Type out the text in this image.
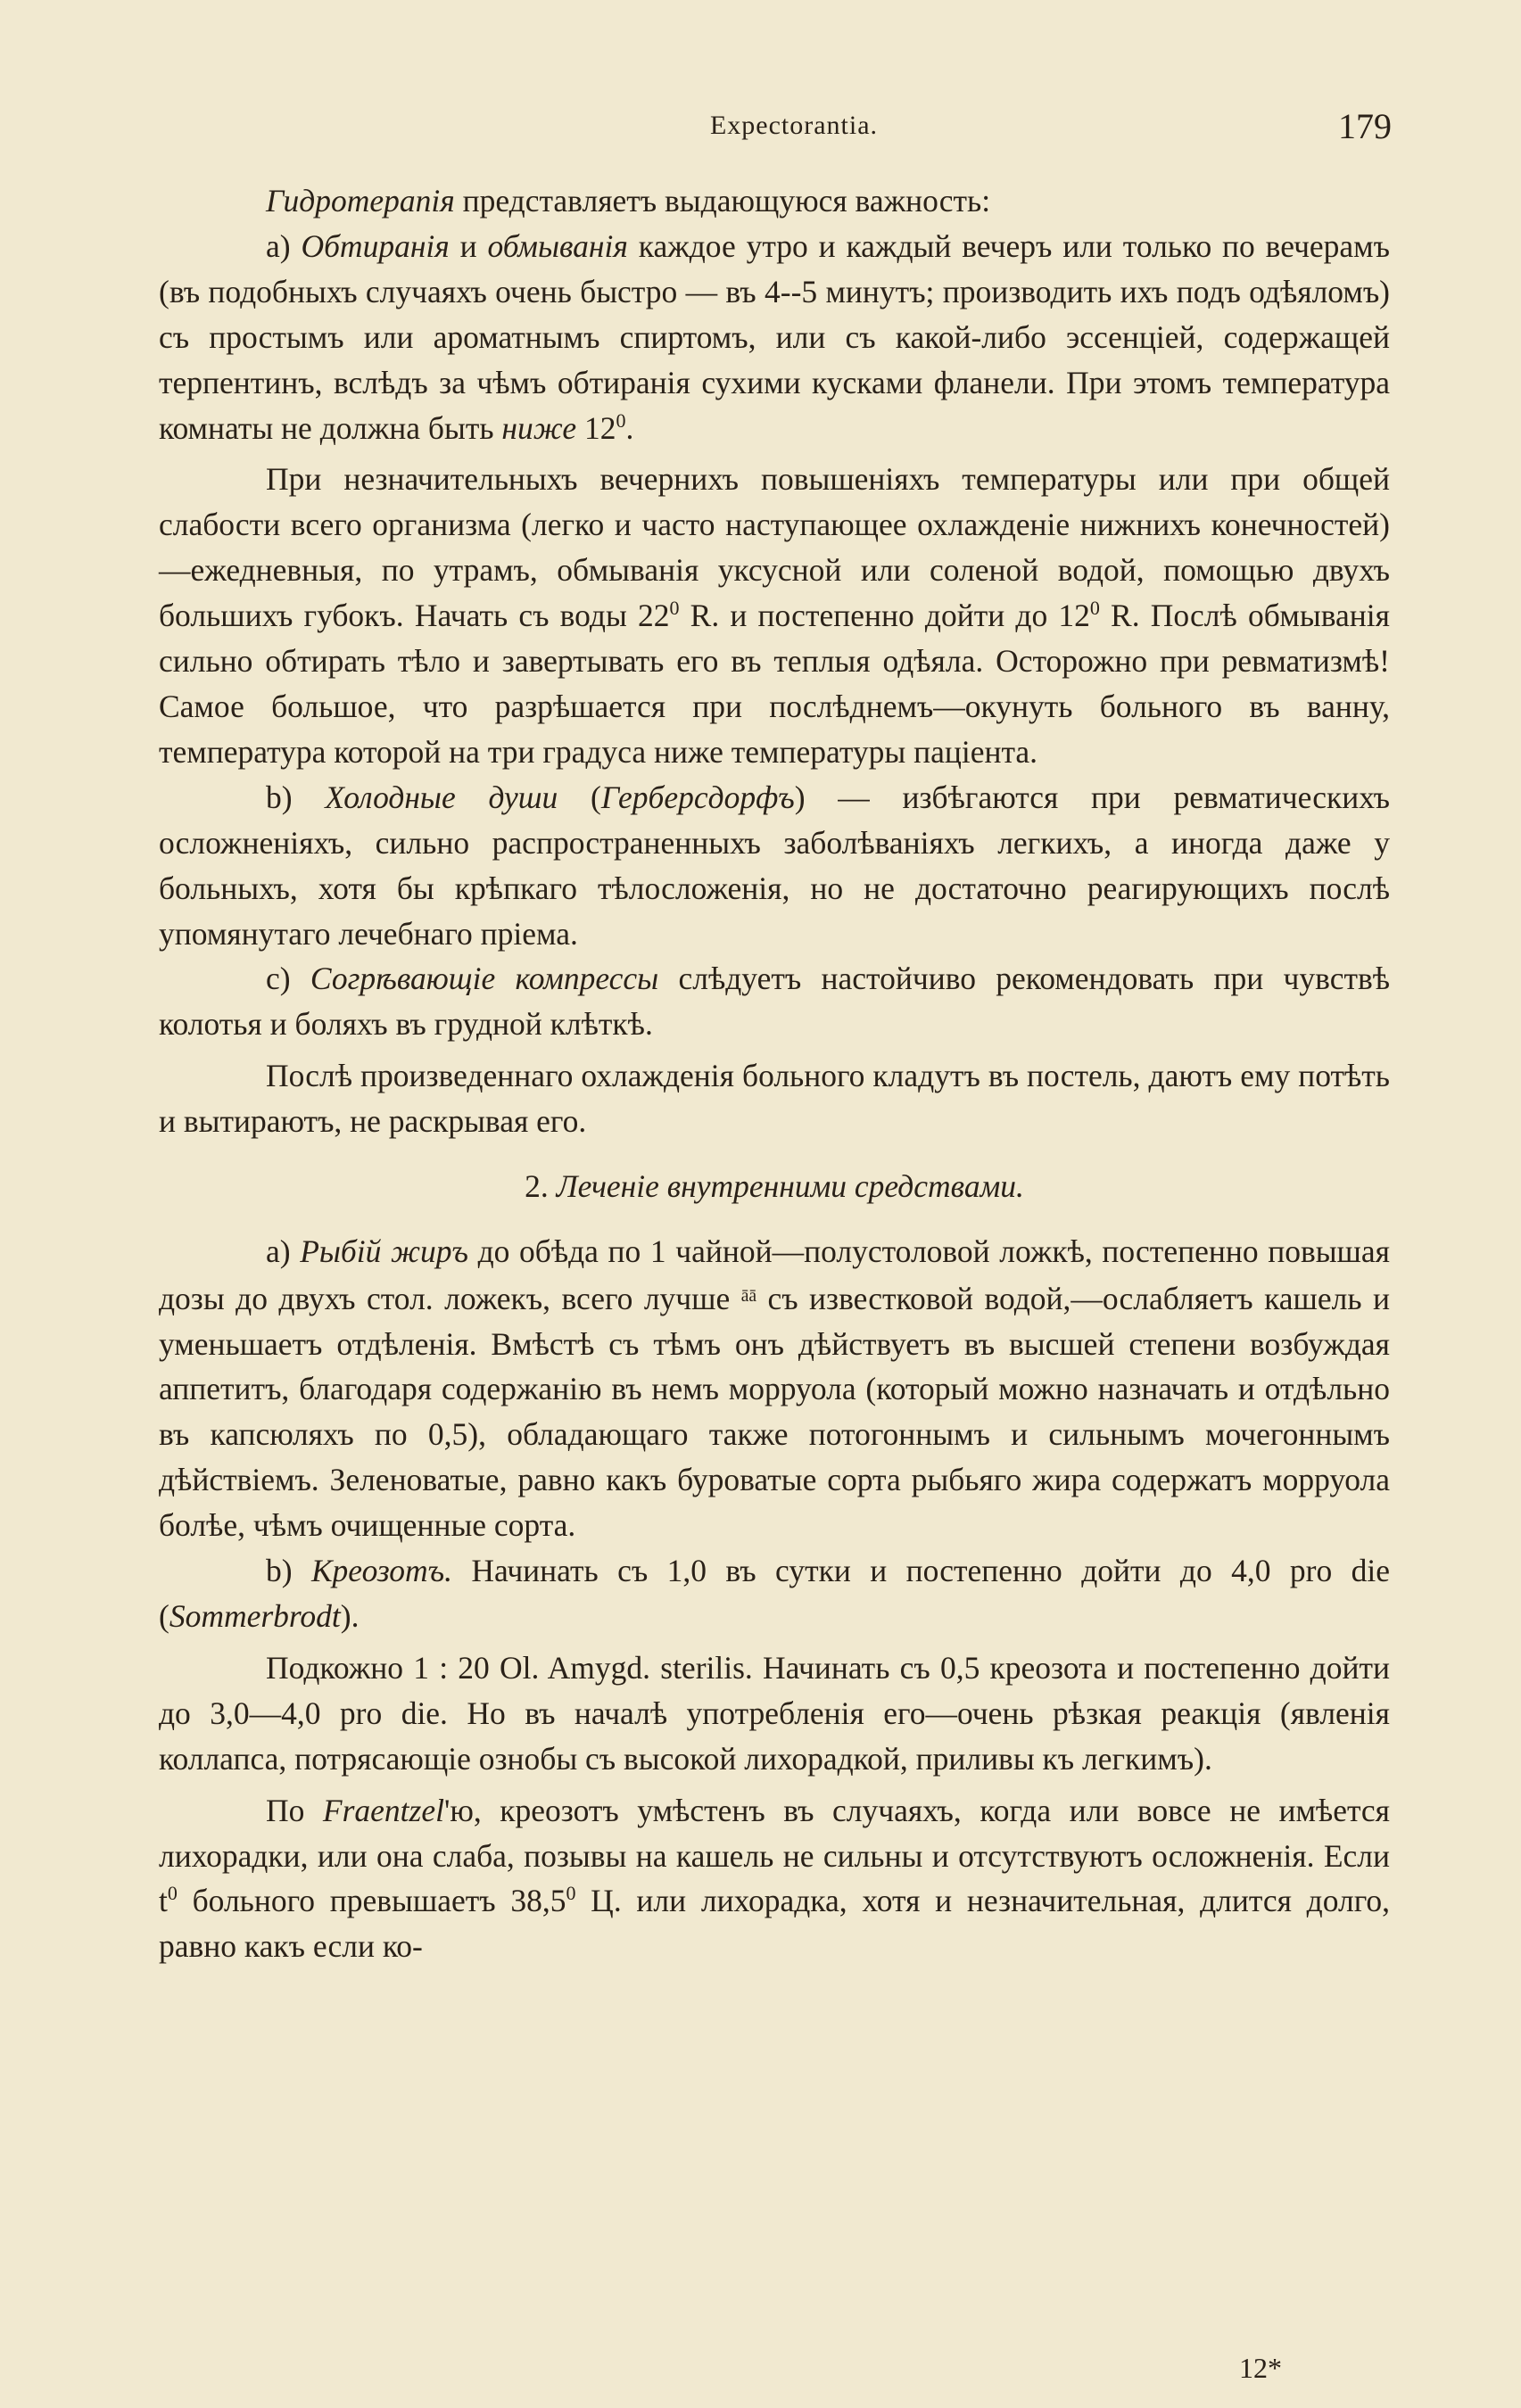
Expectorantia.	179

Гидротерапія представляетъ выдающуюся важность:

a) Обтиранія и обмыванія каждое утро и каждый вечеръ или только по вечерамъ (въ подобныхъ случаяхъ очень быстро — въ 4--5 минутъ; производить ихъ подъ одѣяломъ) съ простымъ или ароматнымъ спиртомъ, или съ какой-либо эссенціей, содержащей терпентинъ, вслѣдъ за чѣмъ обтиранія сухими кусками фланели. При этомъ температура комнаты не должна быть ниже $12^0$.

При незначительныхъ вечернихъ повышеніяхъ температуры или при общей слабости всего организма (легко и часто наступающее охлажденіе нижнихъ конечностей)—ежедневныя, по утрамъ, обмыванія уксусной или соленой водой, помощью двухъ большихъ губокъ. Начать съ воды $22^0$ R. и постепенно дойти до $12^0$ R. Послѣ обмыванія сильно обтирать тѣло и завертывать его въ теплыя одѣяла. Осторожно при ревматизмѣ! Самое большое, что разрѣшается при послѣднемъ—окунуть больного въ ванну, температура которой на три градуса ниже температуры паціента.

b) Холодные души (Герберсдорфъ) — избѣгаются при ревматическихъ осложненіяхъ, сильно распространенныхъ заболѣваніяхъ легкихъ, а иногда даже у больныхъ, хотя бы крѣпкаго тѣлосложенія, но не достаточно реагирующихъ послѣ упомянутаго лечебнаго пріема.

c) Согрѣвающіе компрессы слѣдуетъ настойчиво рекомендовать при чувствѣ колотья и боляхъ въ грудной клѣткѣ.

Послѣ произведеннаго охлажденія больного кладутъ въ постель, даютъ ему потѣть и вытираютъ, не раскрывая его.

2. Леченіе внутренними средствами.

a) Рыбій жиръ до обѣда по 1 чайной—полустоловой ложкѣ, постепенно повышая дозы до двухъ стол. ложекъ, всего лучше $^{āā}$ съ известковой водой,—ослабляетъ кашель и уменьшаетъ отдѣленія. Вмѣстѣ съ тѣмъ онъ дѣйствуетъ въ высшей степени возбуждая аппетитъ, благодаря содержанію въ немъ морруола (который можно назначать и отдѣльно въ капсюляхъ по 0,5), обладающаго также потогоннымъ и сильнымъ мочегоннымъ дѣйствіемъ. Зеленоватые, равно какъ буроватые сорта рыбьяго жира содержатъ морруола болѣе, чѣмъ очищенные сорта.

b) Креозотъ. Начинать съ 1,0 въ сутки и постепенно дойти до 4,0 pro die (Sommerbrodt).

Подкожно 1 : 20 Ol. Amygd. sterilis. Начинать съ 0,5 креозота и постепенно дойти до 3,0—4,0 pro die. Но въ началѣ употребленія его—очень рѣзкая реакція (явленія коллапса, потрясающіе ознобы съ высокой лихорадкой, приливы къ легкимъ).

По Fraentzel'ю, креозотъ умѣстенъ въ случаяхъ, когда или вовсе не имѣется лихорадки, или она слаба, позывы на кашель не сильны и отсутствуютъ осложненія. Если $t^0$ больного превышаетъ 38,5$^0$ Ц. или лихорадка, хотя и незначительная, длится долго, равно какъ если ко-

12*
